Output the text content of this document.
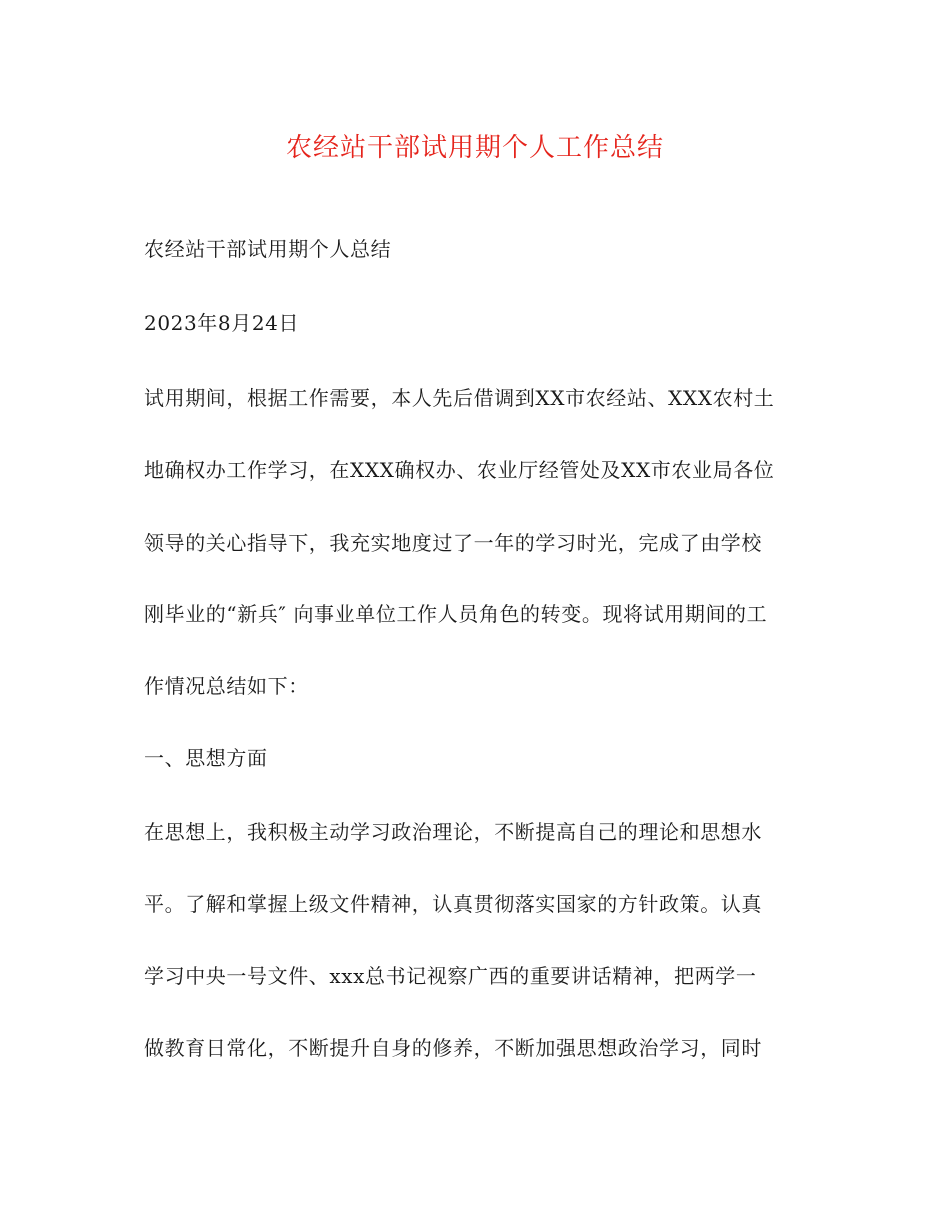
农经站干部试用期个人工作总结
农经站干部试用期个人总结
2023年8月24日
试用期间，根据工作需要，本人先后借调到XX市农经站、XXX农村土
地确权办工作学习，在XXX确权办、农业厅经管处及XX市农业局各位
领导的关心指导下，我充实地度过了一年的学习时光，完成了由学校
刚毕业的“新兵″ 向事业单位工作人员角色的转变。现将试用期间的工
作情况总结如下：
一、思想方面
在思想上，我积极主动学习政治理论，不断提高自己的理论和思想水
平。了解和掌握上级文件精神，认真贯彻落实国家的方针政策。认真
学习中央一号文件、xxx总书记视察广西的重要讲话精神，把两学一
做教育日常化，不断提升自身的修养，不断加强思想政治学习，同时
